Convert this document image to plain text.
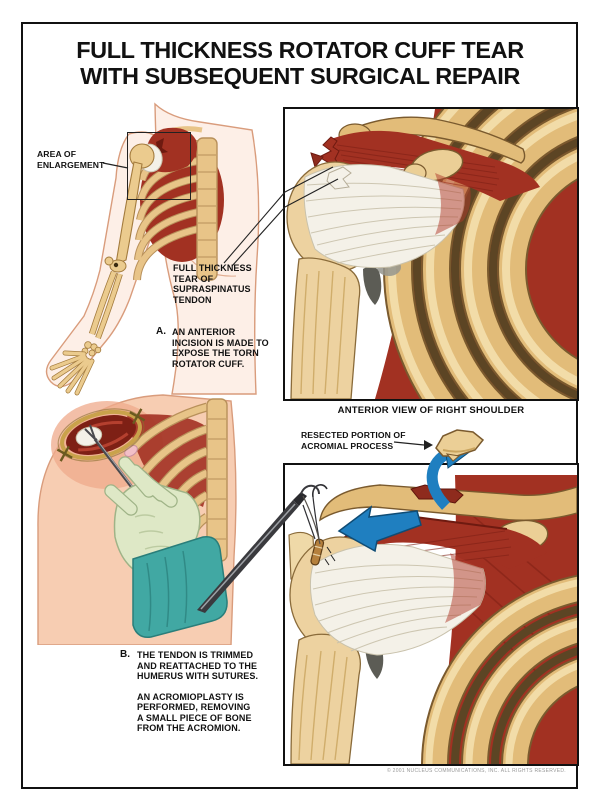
FULL THICKNESS ROTATOR CUFF TEAR
WITH SUBSEQUENT SURGICAL REPAIR
AREA OF
ENLARGEMENT
ANTERIOR VIEW OF RIGHT SHOULDER
FULL THICKNESS
TEAR OF
SUPRASPINATUS
TENDON
A. AN ANTERIOR
INCISION IS MADE TO
EXPOSE THE TORN
ROTATOR CUFF.
RESECTED PORTION OF
ACROMIAL PROCESS
B. THE TENDON IS TRIMMED
AND REATTACHED TO THE
HUMERUS WITH SUTURES.
AN ACROMIOPLASTY IS
PERFORMED, REMOVING
A SMALL PIECE OF BONE
FROM THE ACROMION.
© 2001 NUCLEUS COMMUNICATIONS, INC. ALL RIGHTS RESERVED.
